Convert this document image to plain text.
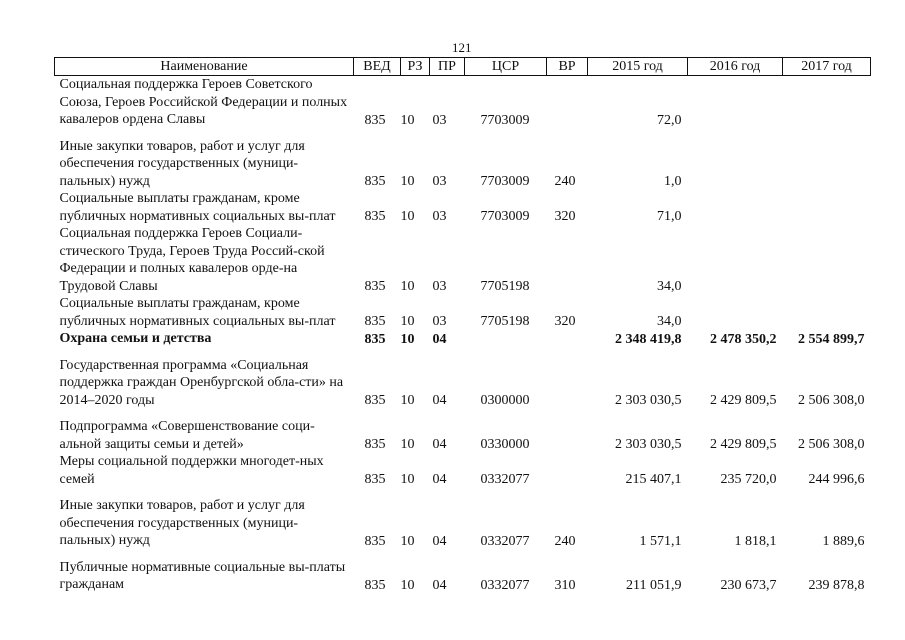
121
Наименование	ВЕД	РЗ	ПР	ЦСР	ВР	2015 год	2016 год	2017 год
Социальная поддержка Героев Советского Союза, Героев Российской Федерации и полных кавалеров ордена Славы	835	10	03	7703009		72,0		
Иные закупки товаров, работ и услуг для обеспечения государственных (муници-пальных) нужд	835	10	03	7703009	240	1,0		
Социальные выплаты гражданам, кроме публичных нормативных социальных вы-плат	835	10	03	7703009	320	71,0		
Социальная поддержка Героев Социали-стического Труда, Героев Труда Россий-ской Федерации и полных кавалеров орде-на Трудовой Славы	835	10	03	7705198		34,0		
Социальные выплаты гражданам, кроме публичных нормативных социальных вы-плат	835	10	03	7705198	320	34,0		
Охрана семьи и детства	835	10	04			2 348 419,8	2 478 350,2	2 554 899,7
Государственная программа «Социальная поддержка граждан Оренбургской обла-сти» на 2014–2020 годы	835	10	04	0300000		2 303 030,5	2 429 809,5	2 506 308,0
Подпрограмма «Совершенствование соци-альной защиты семьи и детей»	835	10	04	0330000		2 303 030,5	2 429 809,5	2 506 308,0
Меры социальной поддержки многодет-ных семей	835	10	04	0332077		215 407,1	235 720,0	244 996,6
Иные закупки товаров, работ и услуг для обеспечения государственных (муници-пальных) нужд	835	10	04	0332077	240	1 571,1	1 818,1	1 889,6
Публичные нормативные социальные вы-платы гражданам	835	10	04	0332077	310	211 051,9	230 673,7	239 878,8
